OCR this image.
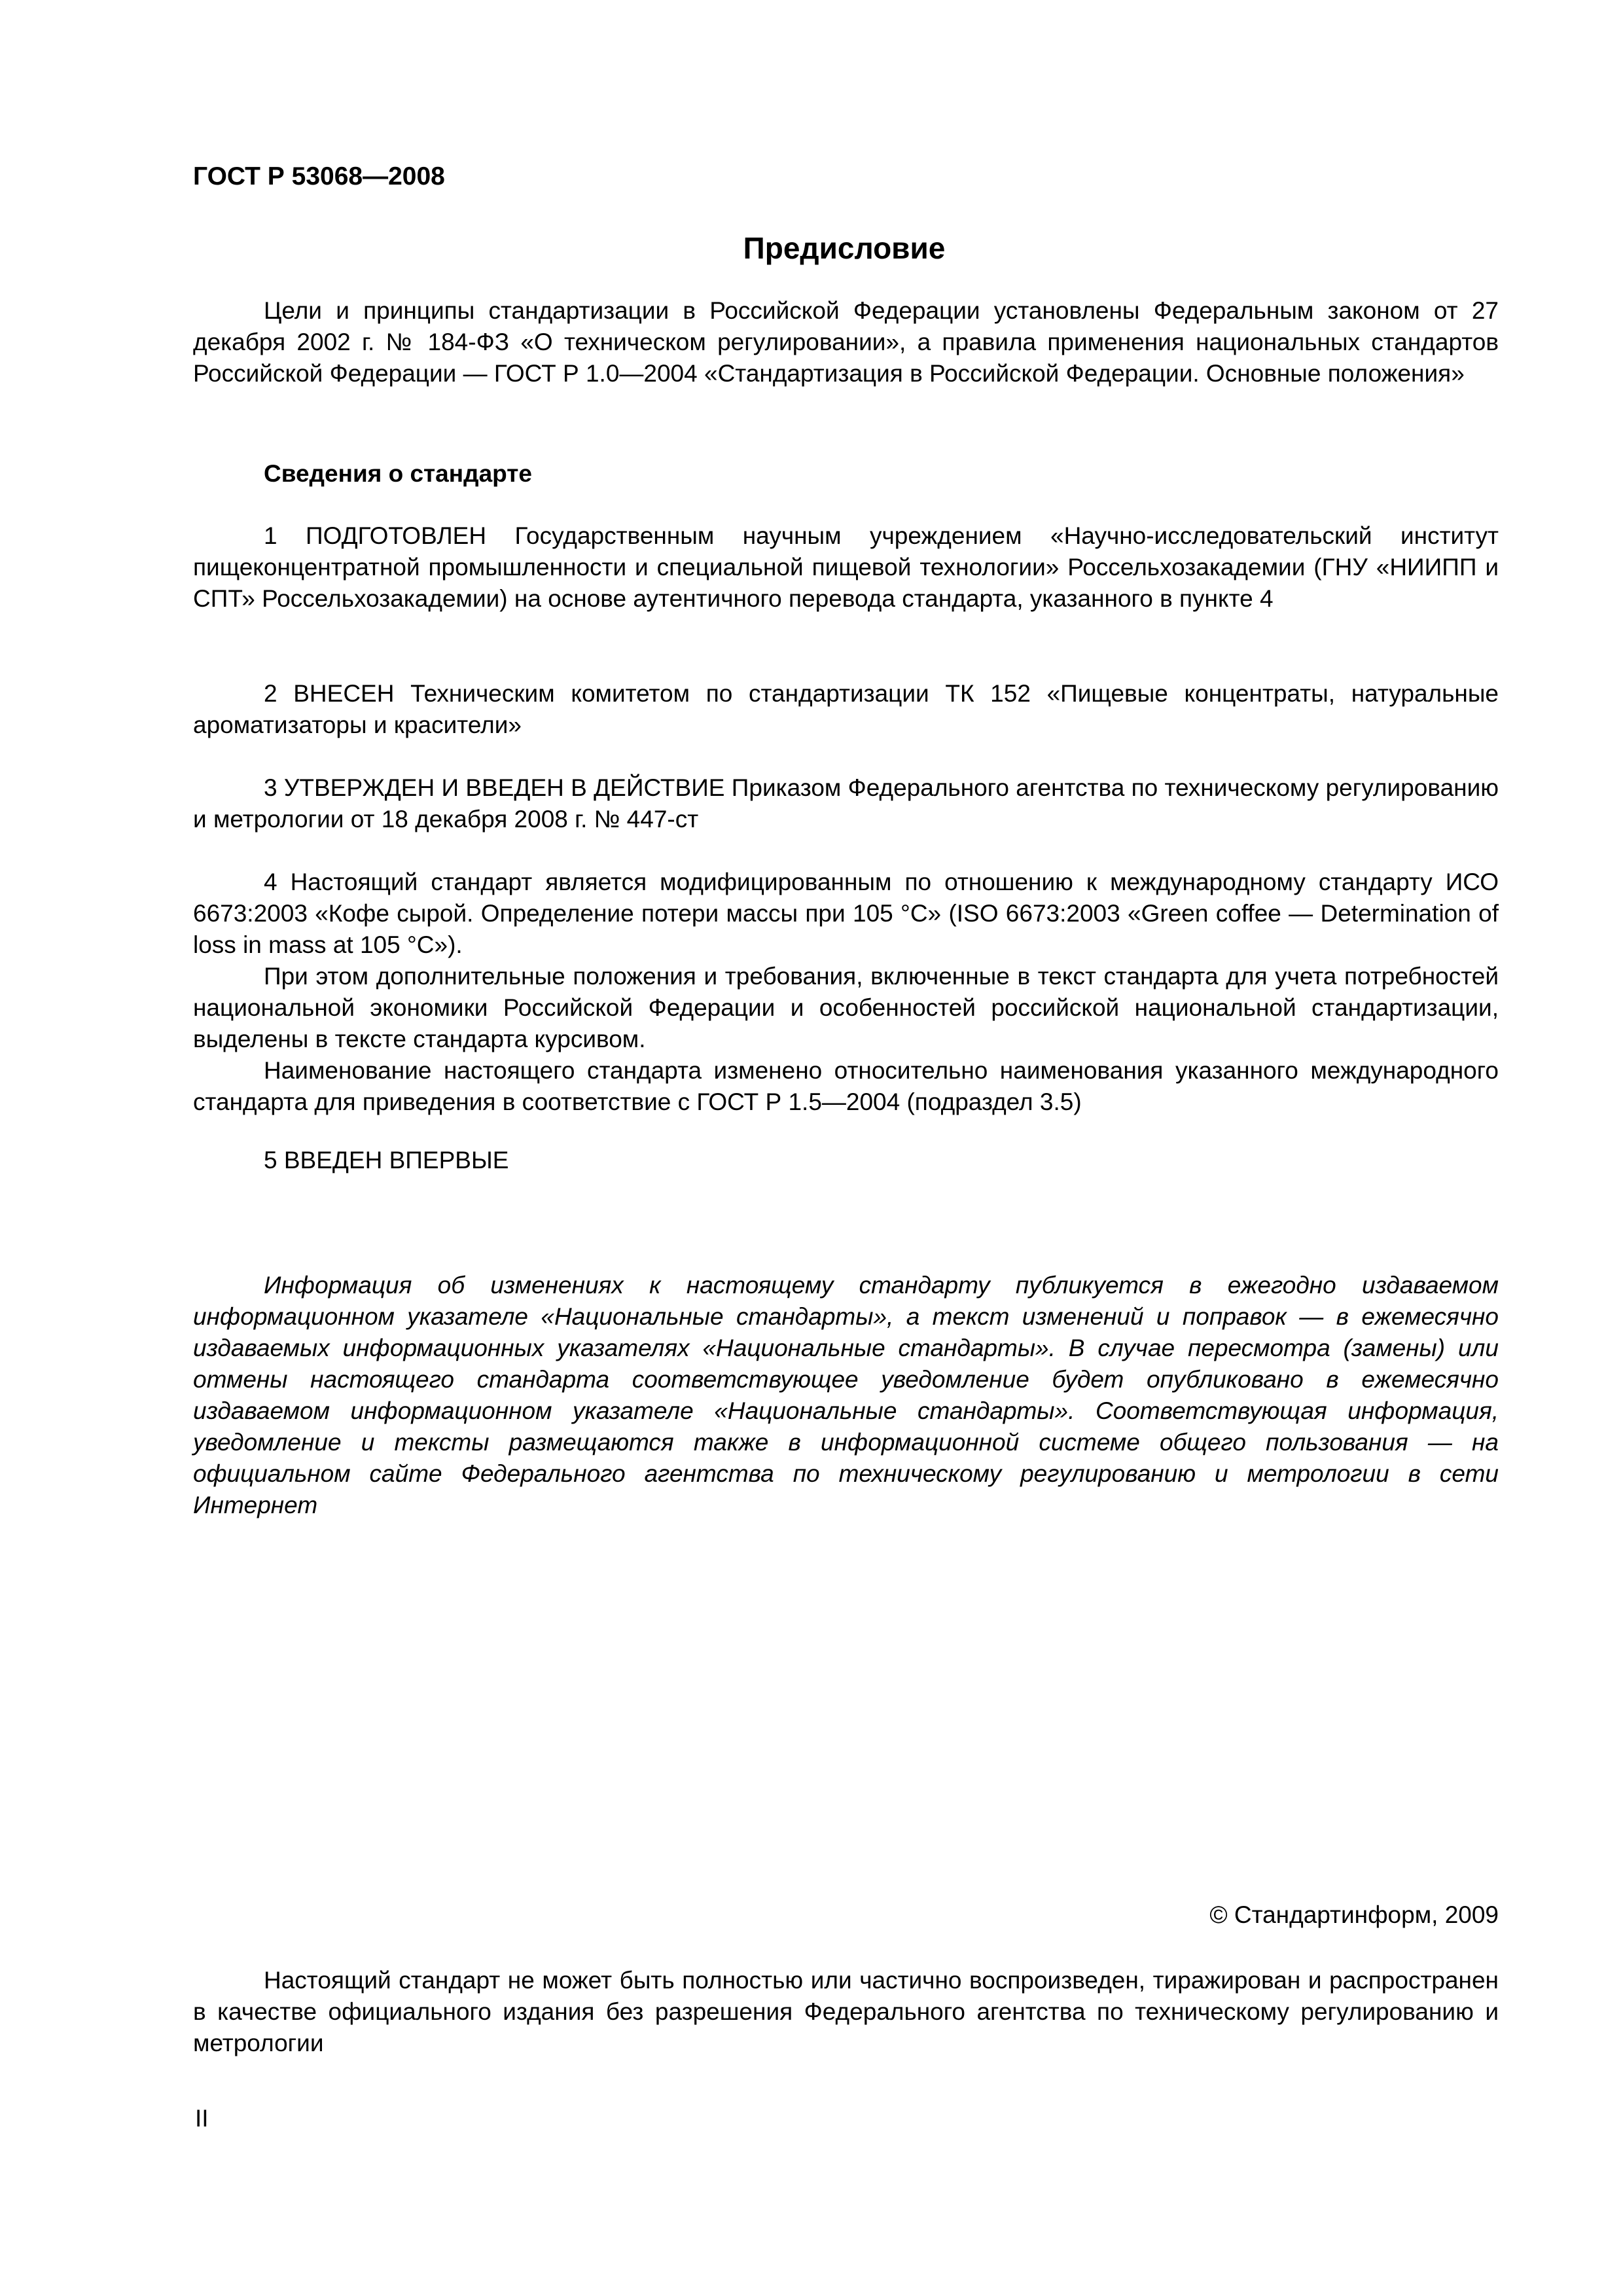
ГОСТ Р 53068—2008
Предисловие

Цели и принципы стандартизации в Российской Федерации установлены Федеральным законом от 27 декабря 2002 г. № 184-ФЗ «О техническом регулировании», а правила применения национальных стандартов Российской Федерации — ГОСТ Р 1.0—2004 «Стандартизация в Российской Федерации. Основные положения»

Сведения о стандарте

1 ПОДГОТОВЛЕН Государственным научным учреждением «Научно-исследовательский институт пищеконцентратной промышленности и специальной пищевой технологии» Россельхозакадемии (ГНУ «НИИПП и СПТ» Россельхозакадемии) на основе аутентичного перевода стандарта, указанного в пункте 4

2 ВНЕСЕН Техническим комитетом по стандартизации ТК 152 «Пищевые концентраты, натуральные ароматизаторы и красители»

3 УТВЕРЖДЕН И ВВЕДЕН В ДЕЙСТВИЕ Приказом Федерального агентства по техническому регулированию и метрологии от 18 декабря 2008 г. № 447-ст

4 Настоящий стандарт является модифицированным по отношению к международному стандарту ИСО 6673:2003 «Кофе сырой. Определение потери массы при 105 °С» (ISO 6673:2003 «Green coffee — Determination of loss in mass at 105 °C»).

При этом дополнительные положения и требования, включенные в текст стандарта для учета потребностей национальной экономики Российской Федерации и особенностей российской национальной стандартизации, выделены в тексте стандарта курсивом.

Наименование настоящего стандарта изменено относительно наименования указанного международного стандарта для приведения в соответствие с ГОСТ Р 1.5—2004 (подраздел 3.5)

5 ВВЕДЕН ВПЕРВЫЕ

Информация об изменениях к настоящему стандарту публикуется в ежегодно издаваемом информационном указателе «Национальные стандарты», а текст изменений и поправок — в ежемесячно издаваемых информационных указателях «Национальные стандарты». В случае пересмотра (замены) или отмены настоящего стандарта соответствующее уведомление будет опубликовано в ежемесячно издаваемом информационном указателе «Национальные стандарты». Соответствующая информация, уведомление и тексты размещаются также в информационной системе общего пользования — на официальном сайте Федерального агентства по техническому регулированию и метрологии в сети Интернет

© Стандартинформ, 2009

Настоящий стандарт не может быть полностью или частично воспроизведен, тиражирован и распространен в качестве официального издания без разрешения Федерального агентства по техническому регулированию и метрологии

II
